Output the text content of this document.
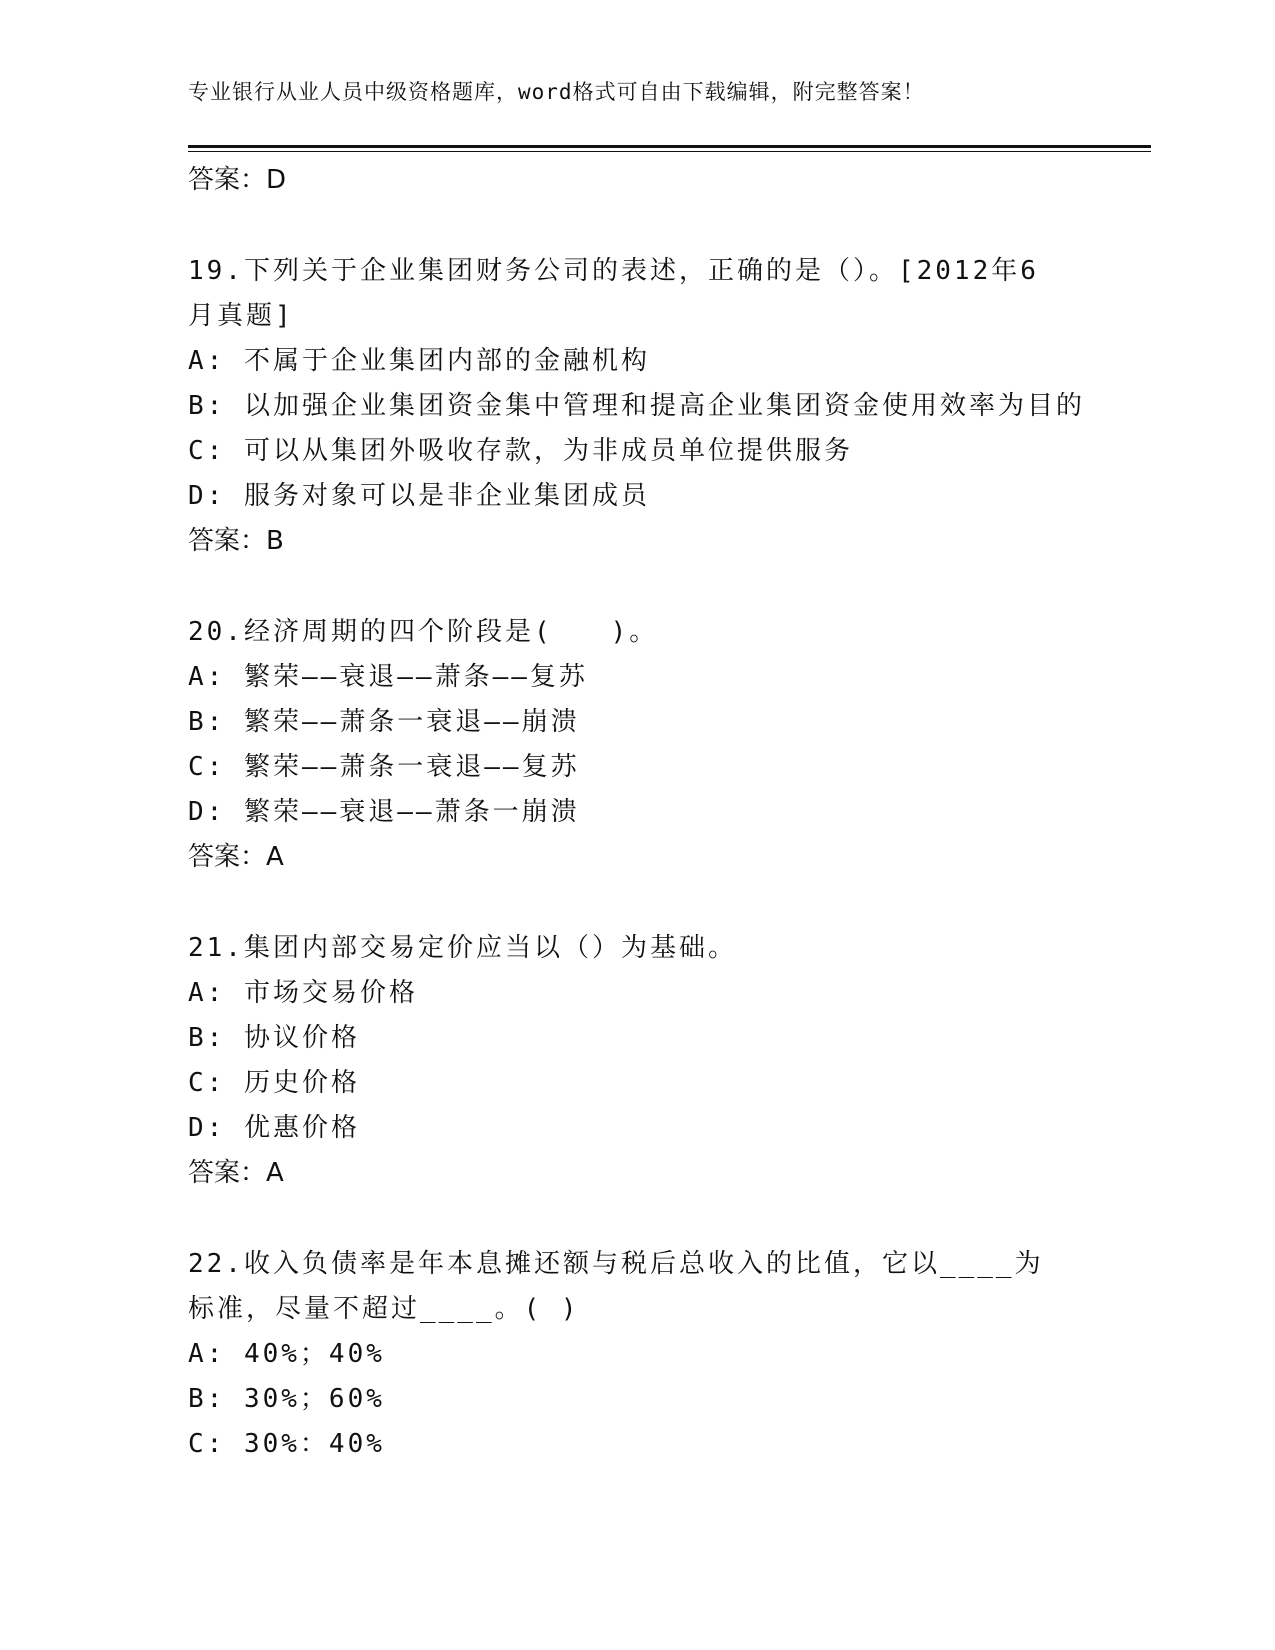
专业银行从业人员中级资格题库，word格式可自由下载编辑，附完整答案！
答案：D
19.下列关于企业集团财务公司的表述，正确的是（）。[2012年6月真题]
A: 不属于企业集团内部的金融机构
B: 以加强企业集团资金集中管理和提高企业集团资金使用效率为目的
C: 可以从集团外吸收存款，为非成员单位提供服务
D: 服务对象可以是非企业集团成员
答案：B
20.经济周期的四个阶段是(　　)。
A: 繁荣——衰退——萧条——复苏
B: 繁荣——萧条一衰退——崩溃
C: 繁荣——萧条一衰退——复苏
D: 繁荣——衰退——萧条一崩溃
答案：A
21.集团内部交易定价应当以（）为基础。
A: 市场交易价格
B: 协议价格
C: 历史价格
D: 优惠价格
答案：A
22.收入负债率是年本息摊还额与税后总收入的比值，它以____为标准，尽量不超过____。( )
A: 40%；40%
B: 30%；60%
C: 30%：40%
